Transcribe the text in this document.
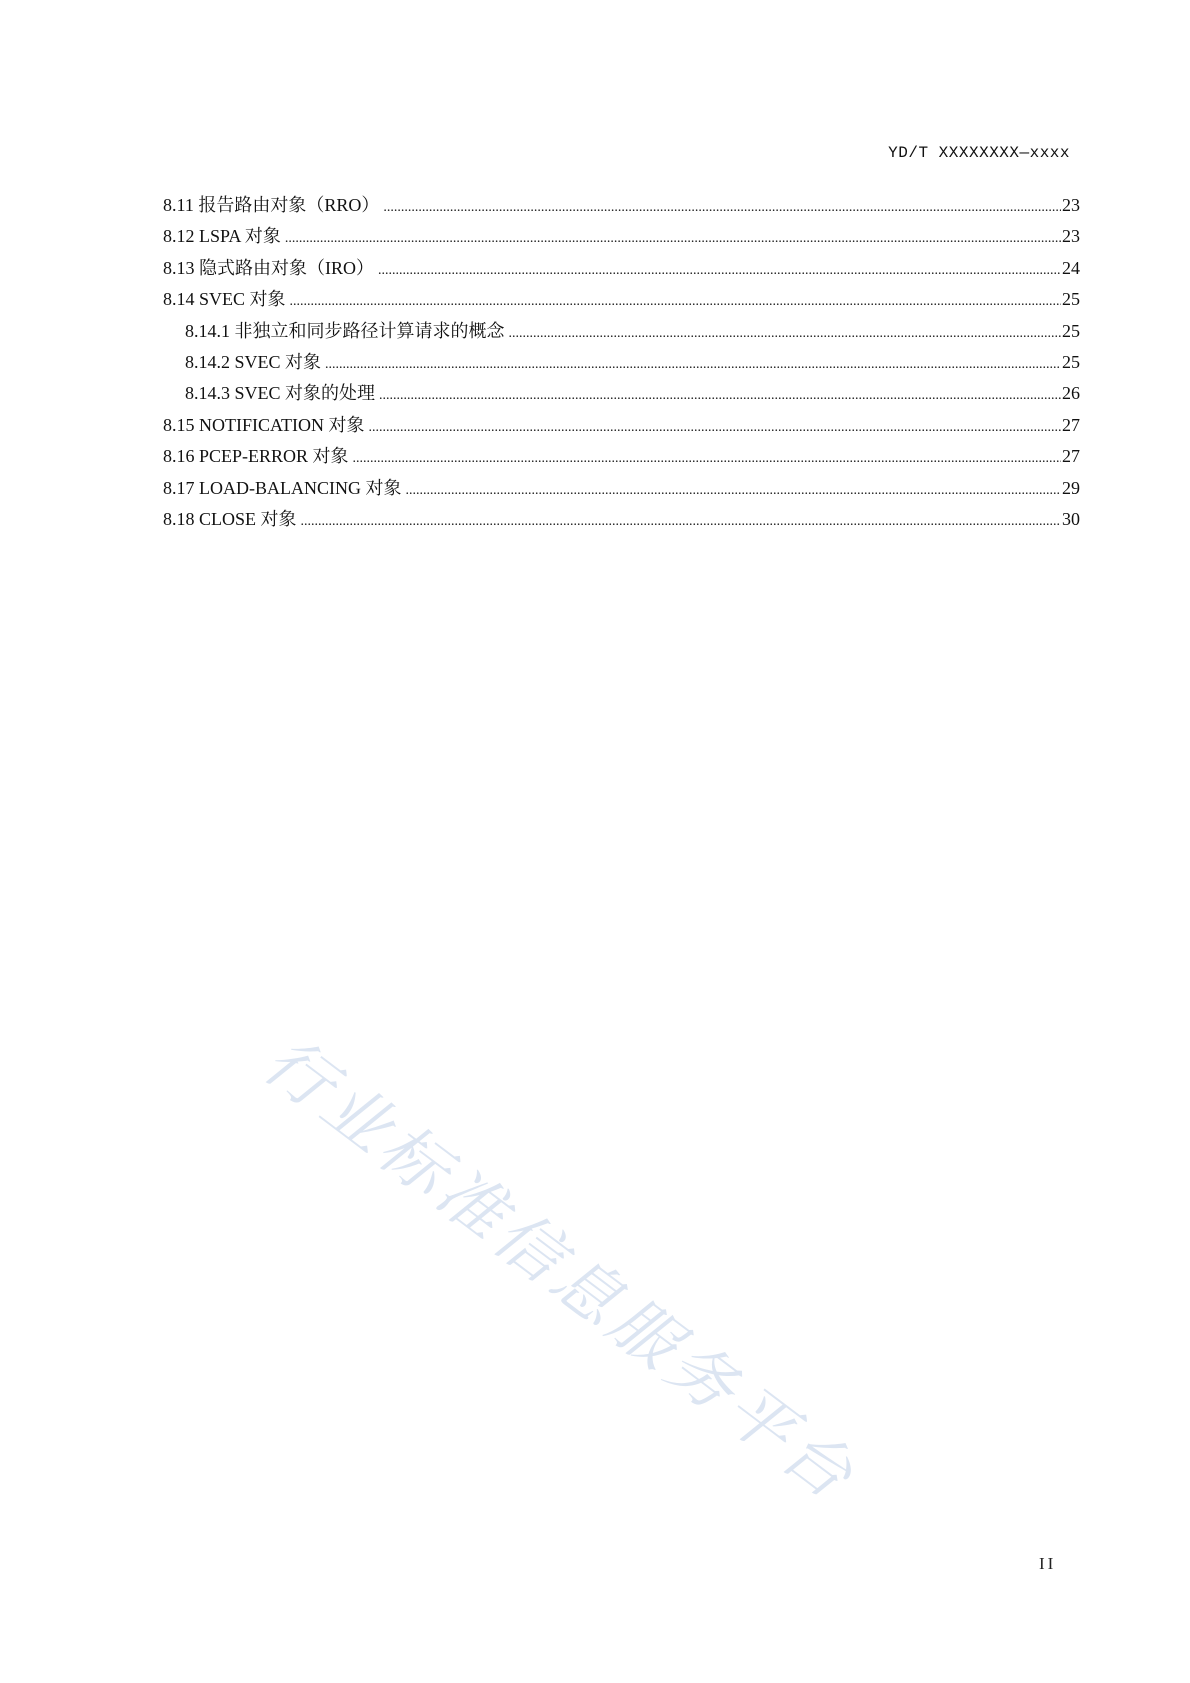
YD/T XXXXXXXX—xxxx
8.11 报告路由对象（RRO） .....	23
8.12 LSPA 对象 .....	23
8.13 隐式路由对象（IRO） .....	24
8.14 SVEC 对象 .....	25
8.14.1 非独立和同步路径计算请求的概念 .....	25
8.14.2 SVEC 对象 .....	25
8.14.3 SVEC 对象的处理 .....	26
8.15 NOTIFICATION 对象 .....	27
8.16 PCEP-ERROR 对象 .....	27
8.17 LOAD-BALANCING 对象 .....	29
8.18 CLOSE 对象 .....	30
行业标准信息服务平台
II
